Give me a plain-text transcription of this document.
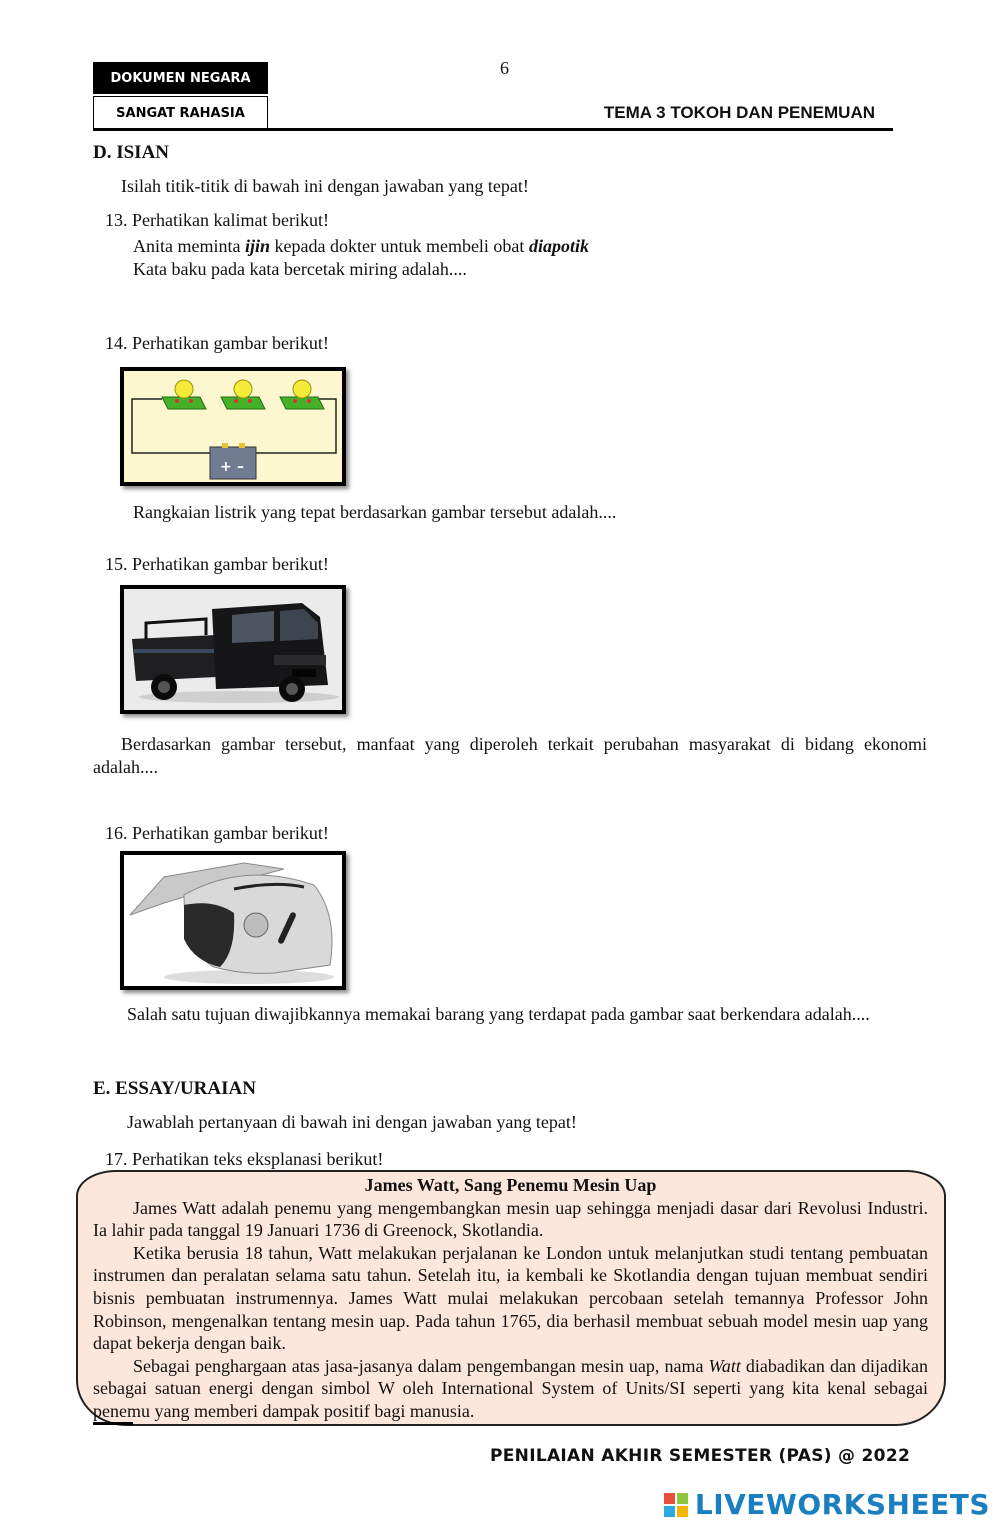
DOKUMEN NEGARA
SANGAT RAHASIA
6
TEMA 3 TOKOH DAN PENEMUAN
D. ISIAN
Isilah titik-titik di bawah ini dengan jawaban yang tepat!
13. Perhatikan kalimat berikut!
Anita meminta ijin kepada dokter untuk membeli obat diapotik
Kata baku pada kata bercetak miring adalah....
14. Perhatikan gambar berikut!
+ –
Rangkaian listrik yang tepat berdasarkan gambar tersebut adalah....
15. Perhatikan gambar berikut!
Berdasarkan gambar tersebut, manfaat yang diperoleh terkait perubahan masyarakat di bidang ekonomi adalah....
16. Perhatikan gambar berikut!
Salah satu tujuan diwajibkannya memakai barang yang terdapat pada gambar saat berkendara adalah....
E. ESSAY/URAIAN
Jawablah pertanyaan di bawah ini dengan jawaban yang tepat!
17. Perhatikan teks eksplanasi berikut!

James Watt, Sang Penemu Mesin Uap

James Watt adalah penemu yang mengembangkan mesin uap sehingga menjadi dasar dari Revolusi Industri. Ia lahir pada tanggal 19 Januari 1736 di Greenock, Skotlandia.

Ketika berusia 18 tahun, Watt melakukan perjalanan ke London untuk melanjutkan studi tentang pembuatan instrumen dan peralatan selama satu tahun. Setelah itu, ia kembali ke Skotlandia dengan tujuan membuat sendiri bisnis pembuatan instrumennya. James Watt mulai melakukan percobaan setelah temannya Professor John Robinson, mengenalkan tentang mesin uap. Pada tahun 1765, dia berhasil membuat sebuah model mesin uap yang dapat bekerja dengan baik.

Sebagai penghargaan atas jasa-jasanya dalam pengembangan mesin uap, nama Watt diabadikan dan dijadikan sebagai satuan energi dengan simbol W oleh International System of Units/SI seperti yang kita kenal sebagai penemu yang memberi dampak positif bagi manusia.

PENILAIAN AKHIR SEMESTER (PAS) @ 2022
LIVEWORKSHEETS
